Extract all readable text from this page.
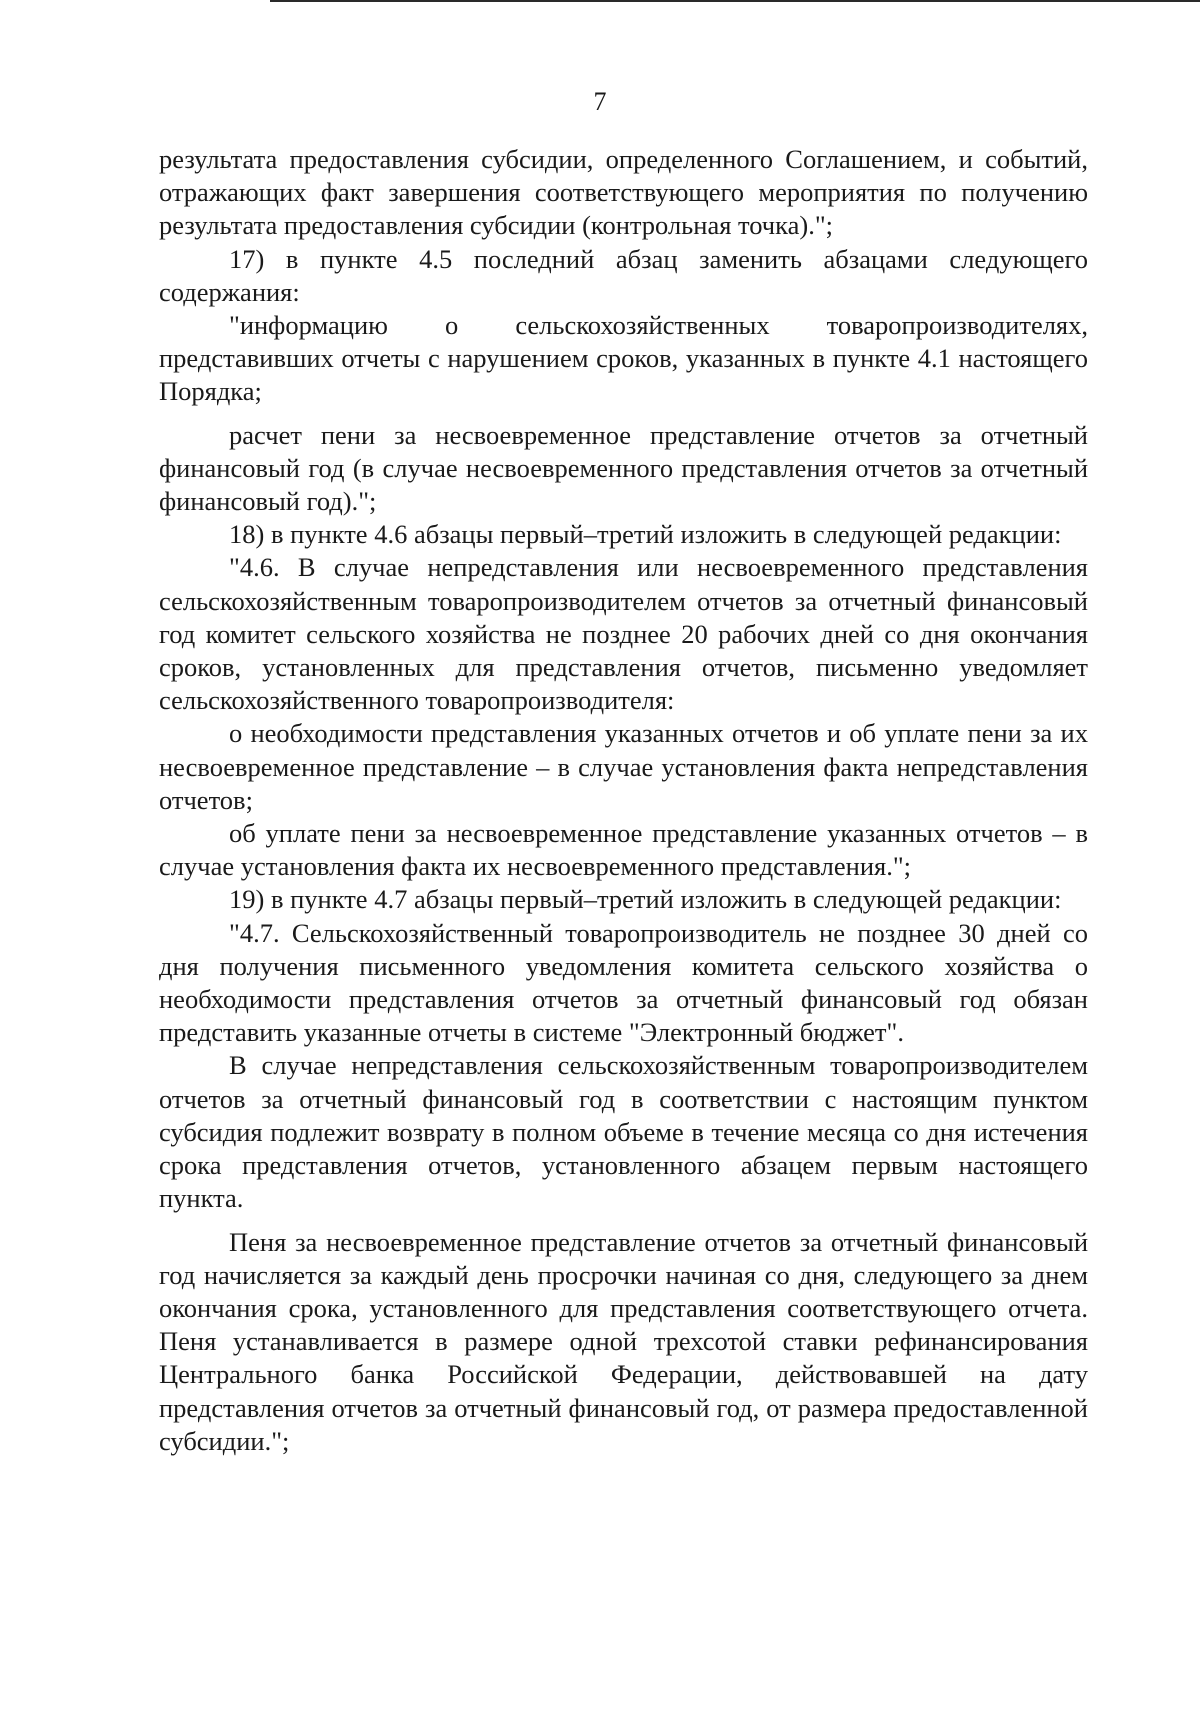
7

результата предоставления субсидии, определенного Соглашением, и событий, отражающих факт завершения соответствующего мероприятия по получению результата предоставления субсидии (контрольная точка).";

17) в пункте 4.5 последний абзац заменить абзацами следующего содержания:

"информацию о сельскохозяйственных товаропроизводителях, представивших отчеты с нарушением сроков, указанных в пункте 4.1 настоящего Порядка;

расчет пени за несвоевременное представление отчетов за отчетный финансовый год (в случае несвоевременного представления отчетов за отчетный финансовый год).";

18) в пункте 4.6 абзацы первый–третий изложить в следующей редакции:

"4.6. В случае непредставления или несвоевременного представления сельскохозяйственным товаропроизводителем отчетов за отчетный финансовый год комитет сельского хозяйства не позднее 20 рабочих дней со дня окончания сроков, установленных для представления отчетов, письменно уведомляет сельскохозяйственного товаропроизводителя:

о необходимости представления указанных отчетов и об уплате пени за их несвоевременное представление – в случае установления факта непредставления отчетов;

об уплате пени за несвоевременное представление указанных отчетов – в случае установления факта их несвоевременного представления.";

19) в пункте 4.7 абзацы первый–третий изложить в следующей редакции:

"4.7. Сельскохозяйственный товаропроизводитель не позднее 30 дней со дня получения письменного уведомления комитета сельского хозяйства о необходимости представления отчетов за отчетный финансовый год обязан представить указанные отчеты в системе "Электронный бюджет".

В случае непредставления сельскохозяйственным товаропроизводителем отчетов за отчетный финансовый год в соответствии с настоящим пунктом субсидия подлежит возврату в полном объеме в течение месяца со дня истечения срока представления отчетов, установленного абзацем первым настоящего пункта.

Пеня за несвоевременное представление отчетов за отчетный финансовый год начисляется за каждый день просрочки начиная со дня, следующего за днем окончания срока, установленного для представления соответствующего отчета. Пеня устанавливается в размере одной трехсотой ставки рефинансирования Центрального банка Российской Федерации, действовавшей на дату представления отчетов за отчетный финансовый год, от размера предоставленной субсидии.";
